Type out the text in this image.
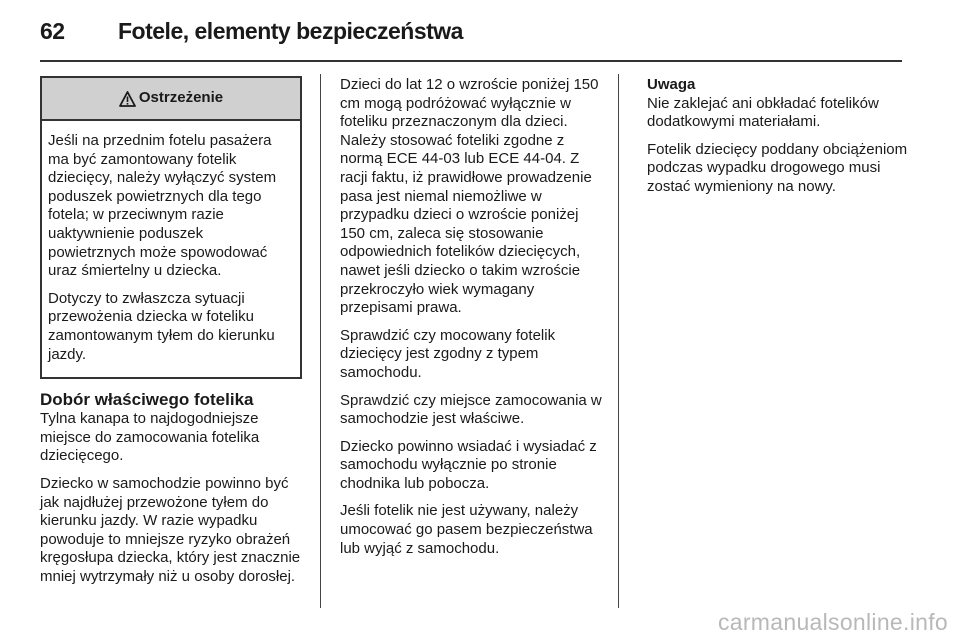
62 Fotele, elementy bezpieczeństwa
Ostrzeżenie

Jeśli na przednim fotelu pasażera ma być zamontowany fotelik dziecięcy, należy wyłączyć system poduszek powietrznych dla tego fotela; w przeciwnym razie uaktywnienie poduszek powietrznych może spowodować uraz śmiertelny u dziecka.

Dotyczy to zwłaszcza sytuacji przewożenia dziecka w foteliku zamontowanym tyłem do kierunku jazdy.

Dobór właściwego fotelika

Tylna kanapa to najdogodniejsze miejsce do zamocowania fotelika dziecięcego.

Dziecko w samochodzie powinno być jak najdłużej przewożone tyłem do kierunku jazdy. W razie wypadku powoduje to mniejsze ryzyko obrażeń kręgosłupa dziecka, który jest znacznie mniej wytrzymały niż u osoby dorosłej.

Dzieci do lat 12 o wzroście poniżej 150 cm mogą podróżować wyłącznie w foteliku przeznaczonym dla dzieci. Należy stosować foteliki zgodne z normą ECE 44-03 lub ECE 44-04. Z racji faktu, iż prawidłowe prowadzenie pasa jest niemal niemożliwe w przypadku dzieci o wzroście poniżej 150 cm, zaleca się stosowanie odpowiednich fotelików dziecięcych, nawet jeśli dziecko o takim wzroście przekroczyło wiek wymagany przepisami prawa.

Sprawdzić czy mocowany fotelik dziecięcy jest zgodny z typem samochodu.

Sprawdzić czy miejsce zamocowania w samochodzie jest właściwe.

Dziecko powinno wsiadać i wysiadać z samochodu wyłącznie po stronie chodnika lub pobocza.

Jeśli fotelik nie jest używany, należy umocować go pasem bezpieczeństwa lub wyjąć z samochodu.

Uwaga

Nie zaklejać ani obkładać fotelików dodatkowymi materiałami.

Fotelik dziecięcy poddany obciążeniom podczas wypadku drogowego musi zostać wymieniony na nowy.

carmanualsonline.info
